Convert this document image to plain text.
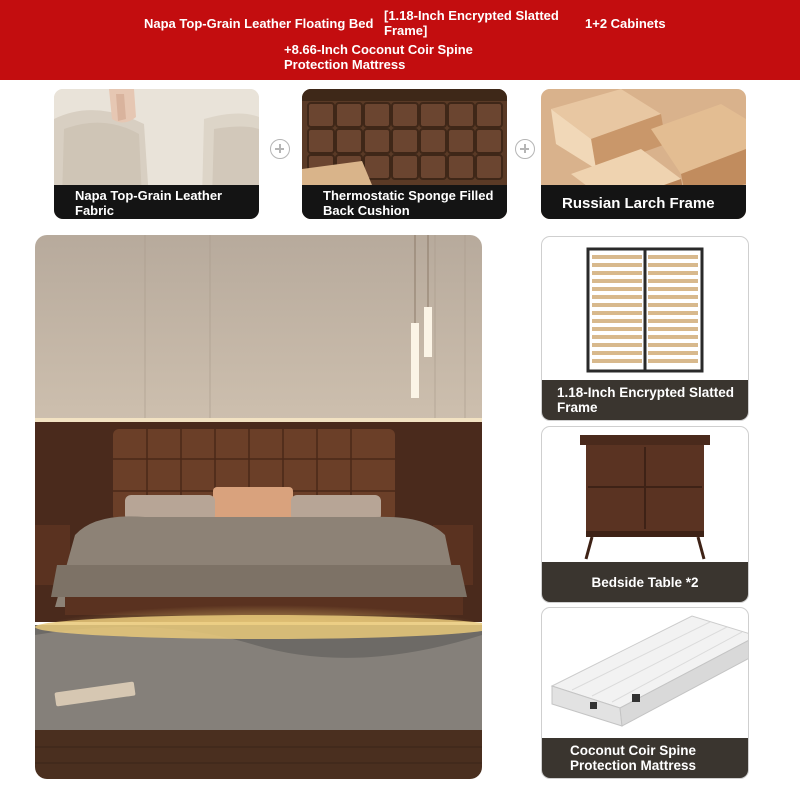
Napa Top-Grain Leather Floating Bed
[1.18-Inch Encrypted Slatted Frame]	1+2 Cabinets
+8.66-Inch Coconut Coir Spine Protection Mattress
Napa Top-Grain Leather Fabric
Thermostatic Sponge Filled Back Cushion	Russian Larch Frame
1.18-Inch Encrypted Slatted Frame
Bedside Table *2
Coconut Coir Spine Protection Mattress
